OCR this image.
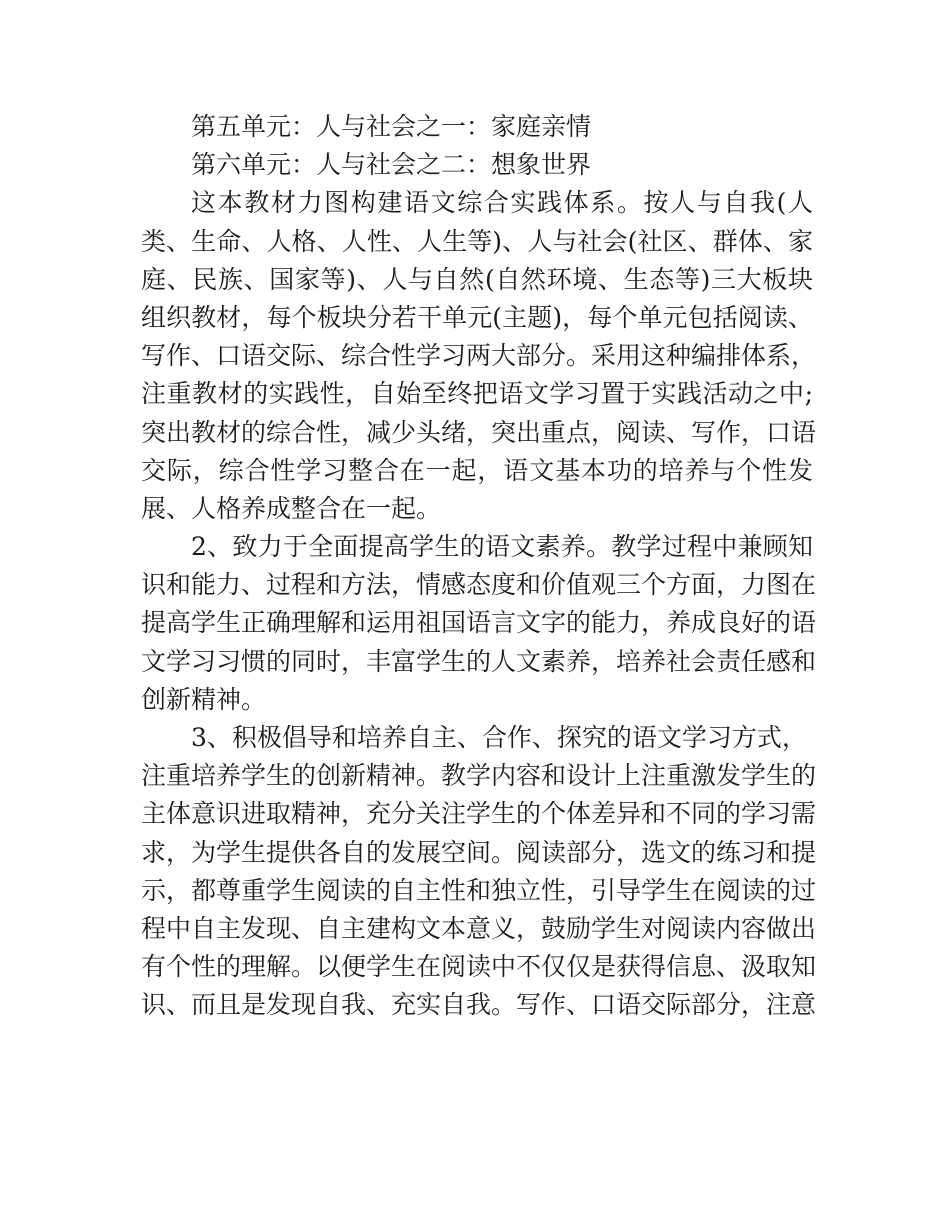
第五单元：人与社会之一：家庭亲情
第六单元：人与社会之二：想象世界
这本教材力图构建语文综合实践体系。按人与自我(人
类、生命、人格、人性、人生等)、人与社会(社区、群体、家
庭、民族、国家等)、人与自然(自然环境、生态等)三大板块
组织教材，每个板块分若干单元(主题)，每个单元包括阅读、
写作、口语交际、综合性学习两大部分。采用这种编排体系，
注重教材的实践性，自始至终把语文学习置于实践活动之中;
突出教材的综合性，减少头绪，突出重点，阅读、写作，口语
交际，综合性学习整合在一起，语文基本功的培养与个性发
展、人格养成整合在一起。
2、致力于全面提高学生的语文素养。教学过程中兼顾知
识和能力、过程和方法，情感态度和价值观三个方面，力图在
提高学生正确理解和运用祖国语言文字的能力，养成良好的语
文学习习惯的同时，丰富学生的人文素养，培养社会责任感和
创新精神。
3、积极倡导和培养自主、合作、探究的语文学习方式，
注重培养学生的创新精神。教学内容和设计上注重激发学生的
主体意识进取精神，充分关注学生的个体差异和不同的学习需
求，为学生提供各自的发展空间。阅读部分，选文的练习和提
示，都尊重学生阅读的自主性和独立性，引导学生在阅读的过
程中自主发现、自主建构文本意义，鼓励学生对阅读内容做出
有个性的理解。以便学生在阅读中不仅仅是获得信息、汲取知
识、而且是发现自我、充实自我。写作、口语交际部分，注意
